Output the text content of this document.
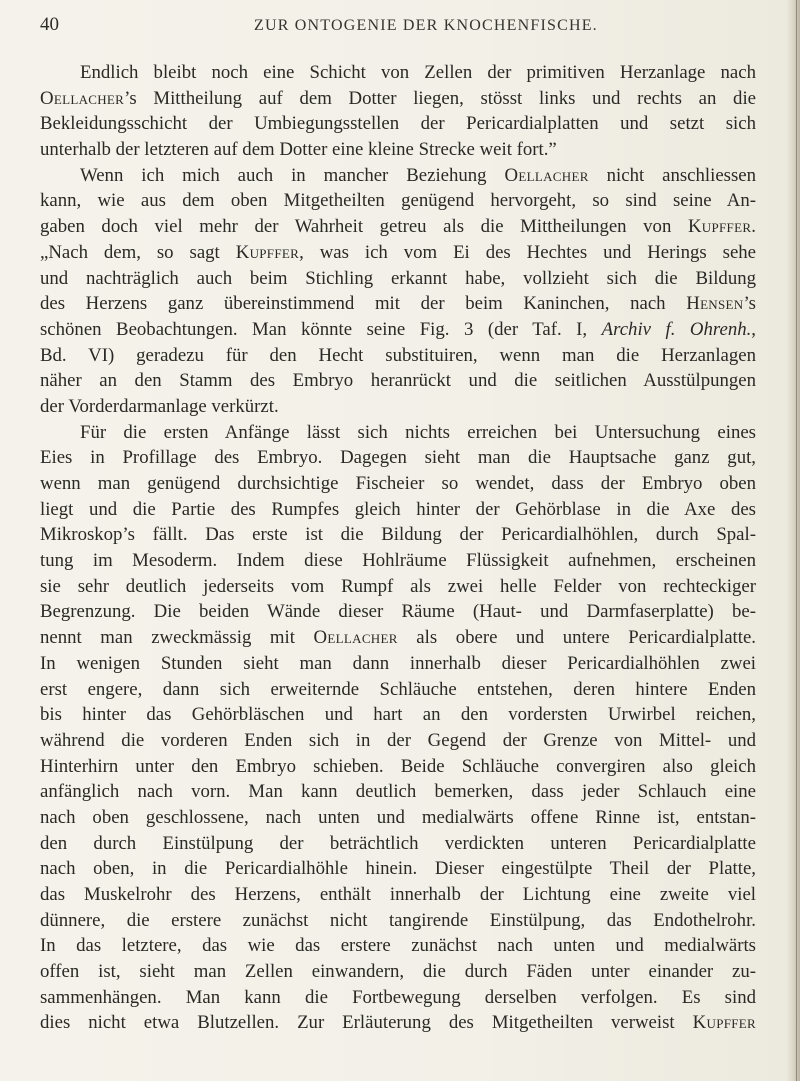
40	ZUR ONTOGENIE DER KNOCHENFISCHE.
Endlich bleibt noch eine Schicht von Zellen der primitiven Herzanlage nach
Oellacher’s Mittheilung auf dem Dotter liegen, stösst links und rechts an die
Bekleidungsschicht der Umbiegungsstellen der Pericardialplatten und setzt sich
unterhalb der letzteren auf dem Dotter eine kleine Strecke weit fort.”
Wenn ich mich auch in mancher Beziehung Oellacher nicht anschliessen
kann, wie aus dem oben Mitgetheilten genügend hervorgeht, so sind seine An-
gaben doch viel mehr der Wahrheit getreu als die Mittheilungen von Kupffer.
„Nach dem, so sagt Kupffer, was ich vom Ei des Hechtes und Herings sehe
und nachträglich auch beim Stichling erkannt habe, vollzieht sich die Bildung
des Herzens ganz übereinstimmend mit der beim Kaninchen, nach Hensen’s
schönen Beobachtungen. Man könnte seine Fig. 3 (der Taf. I, Archiv f. Ohrenh.,
Bd. VI) geradezu für den Hecht substituiren, wenn man die Herzanlagen
näher an den Stamm des Embryo heranrückt und die seitlichen Ausstülpungen
der Vorderdarmanlage verkürzt.
Für die ersten Anfänge lässt sich nichts erreichen bei Untersuchung eines
Eies in Profillage des Embryo. Dagegen sieht man die Hauptsache ganz gut,
wenn man genügend durchsichtige Fischeier so wendet, dass der Embryo oben
liegt und die Partie des Rumpfes gleich hinter der Gehörblase in die Axe des
Mikroskop’s fällt. Das erste ist die Bildung der Pericardialhöhlen, durch Spal-
tung im Mesoderm. Indem diese Hohlräume Flüssigkeit aufnehmen, erscheinen
sie sehr deutlich jederseits vom Rumpf als zwei helle Felder von rechteckiger
Begrenzung. Die beiden Wände dieser Räume (Haut- und Darmfaserplatte) be-
nennt man zweckmässig mit Oellacher als obere und untere Pericardialplatte.
In wenigen Stunden sieht man dann innerhalb dieser Pericardialhöhlen zwei
erst engere, dann sich erweiternde Schläuche entstehen, deren hintere Enden
bis hinter das Gehörbläschen und hart an den vordersten Urwirbel reichen,
während die vorderen Enden sich in der Gegend der Grenze von Mittel- und
Hinterhirn unter den Embryo schieben. Beide Schläuche convergiren also gleich
anfänglich nach vorn. Man kann deutlich bemerken, dass jeder Schlauch eine
nach oben geschlossene, nach unten und medialwärts offene Rinne ist, entstan-
den durch Einstülpung der beträchtlich verdickten unteren Pericardialplatte
nach oben, in die Pericardialhöhle hinein. Dieser eingestülpte Theil der Platte,
das Muskelrohr des Herzens, enthält innerhalb der Lichtung eine zweite viel
dünnere, die erstere zunächst nicht tangirende Einstülpung, das Endothelrohr.
In das letztere, das wie das erstere zunächst nach unten und medialwärts
offen ist, sieht man Zellen einwandern, die durch Fäden unter einander zu-
sammenhängen. Man kann die Fortbewegung derselben verfolgen. Es sind
dies nicht etwa Blutzellen. Zur Erläuterung des Mitgetheilten verweist Kupffer
